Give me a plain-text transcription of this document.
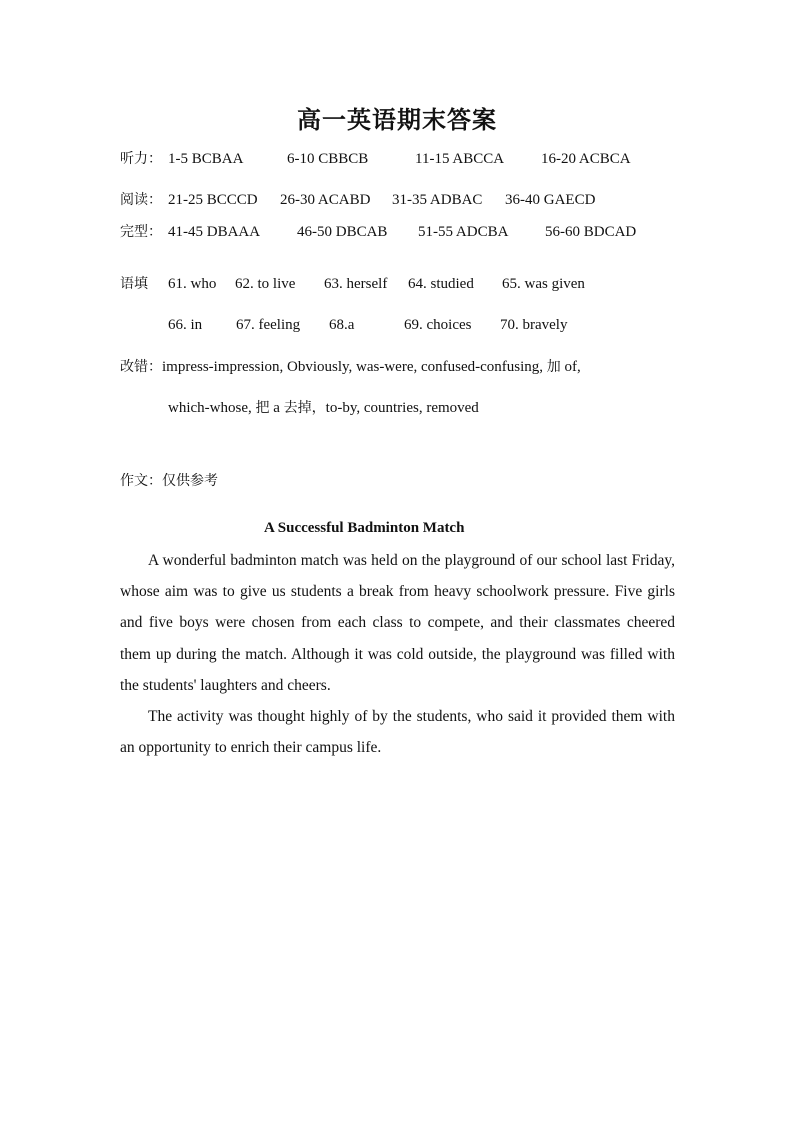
高一英语期末答案
听力： 1-5 BCBAA	6-10 CBBCB	11-15 ABCCA 16-20 ACBCA
阅读： 21-25 BCCCD 26-30 ACABD 31-35 ADBAC 36-40 GAECD
完型： 41-45 DBAAA 46-50 DBCAB 51-55 ADCBA 56-60 BDCAD
语填 61. who 62. to live 63. herself 64. studied 65. was given
66. in 67. feeling 68.a	69. choices 70. bravely
改错：impress-impression, Obviously, was-were, confused-confusing, 加 of,
which-whose, 把 a 去掉，to-by, countries, removed
作文：仅供参考
A Successful Badminton Match

A wonderful badminton match was held on the playground of our school last Friday, whose aim was to give us students a break from heavy schoolwork pressure. Five girls and five boys were chosen from each class to compete, and their classmates cheered them up during the match. Although it was cold outside, the playground was filled with the students' laughters and cheers.

The activity was thought highly of by the students, who said it provided them with an opportunity to enrich their campus life.
